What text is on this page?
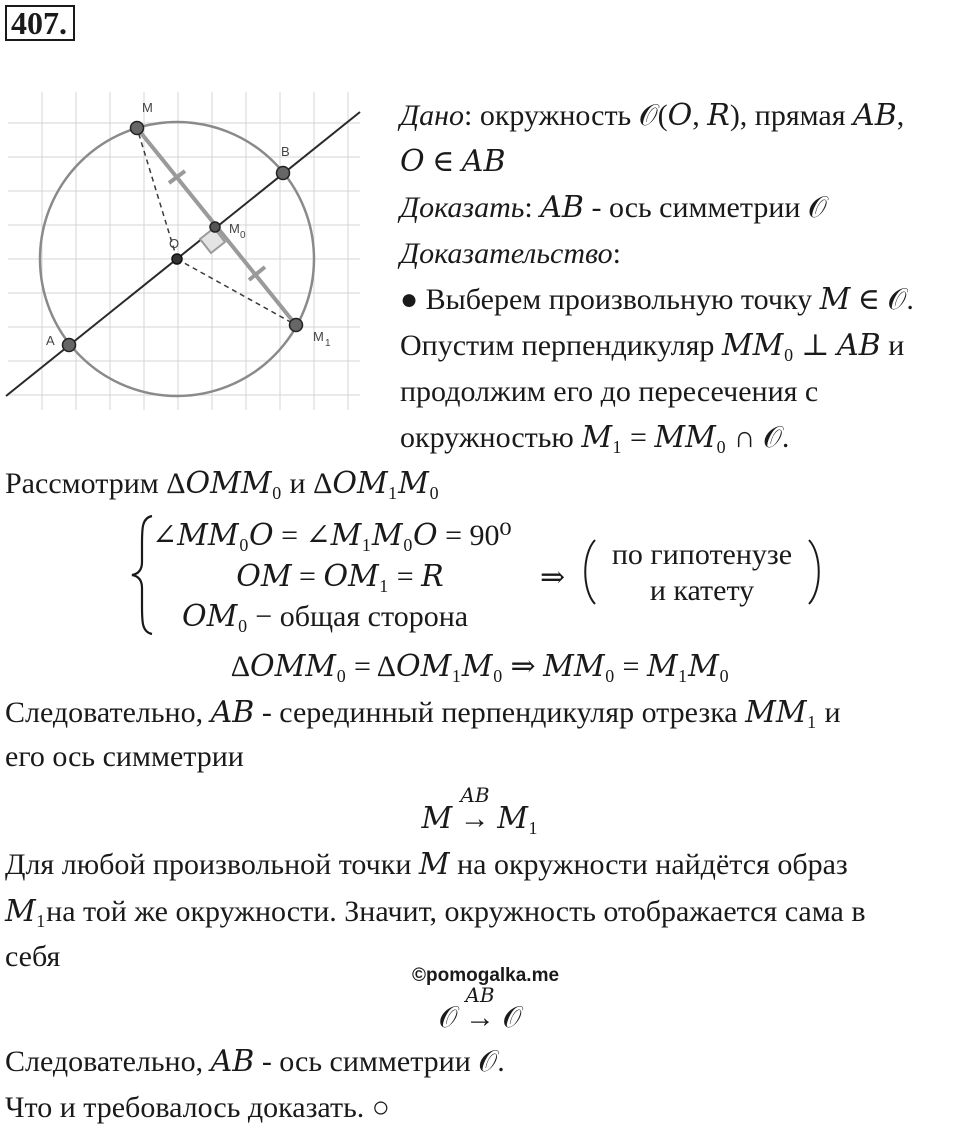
407.
M
B
O
M 0
A	M 1
Дано: окружность 𝒪(𝑂, 𝑅), прямая 𝐴𝐵,
𝑂 ∈ 𝐴𝐵
Доказать: 𝐴𝐵 - ось симметрии 𝒪
Доказательство:
● Выберем произвольную точку 𝑀 ∈ 𝒪.
Опустим перпендикуляр 𝑀𝑀₀ ⊥ 𝐴𝐵 и
продолжим его до пересечения с
окружностью 𝑀₁ = 𝑀𝑀₀ ∩ 𝒪.
Рассмотрим Δ𝑂𝑀𝑀₀ и Δ𝑂𝑀₁𝑀₀
∠𝑀𝑀₀𝑂 = ∠𝑀₁𝑀₀𝑂 = 90⁰
𝑂𝑀 = 𝑂𝑀₁ = 𝑅
𝑂𝑀₀ − общая сторона
⇒
по гипотенузе
и катету
Δ𝑂𝑀𝑀₀ = Δ𝑂𝑀₁𝑀₀ ⇒ 𝑀𝑀₀ = 𝑀₁𝑀₀
Следовательно, 𝐴𝐵 - серединный перпендикуляр отрезка 𝑀𝑀₁ и
его ось симметрии
𝐴𝐵
𝑀 → 𝑀₁
Для любой произвольной точки 𝑀 на окружности найдётся образ
𝑀₁на той же окружности. Значит, окружность отображается сама в
себя
©pomogalka.me
𝐴𝐵
𝒪 → 𝒪
Следовательно, 𝐴𝐵 - ось симметрии 𝒪.
Что и требовалось доказать. ○
